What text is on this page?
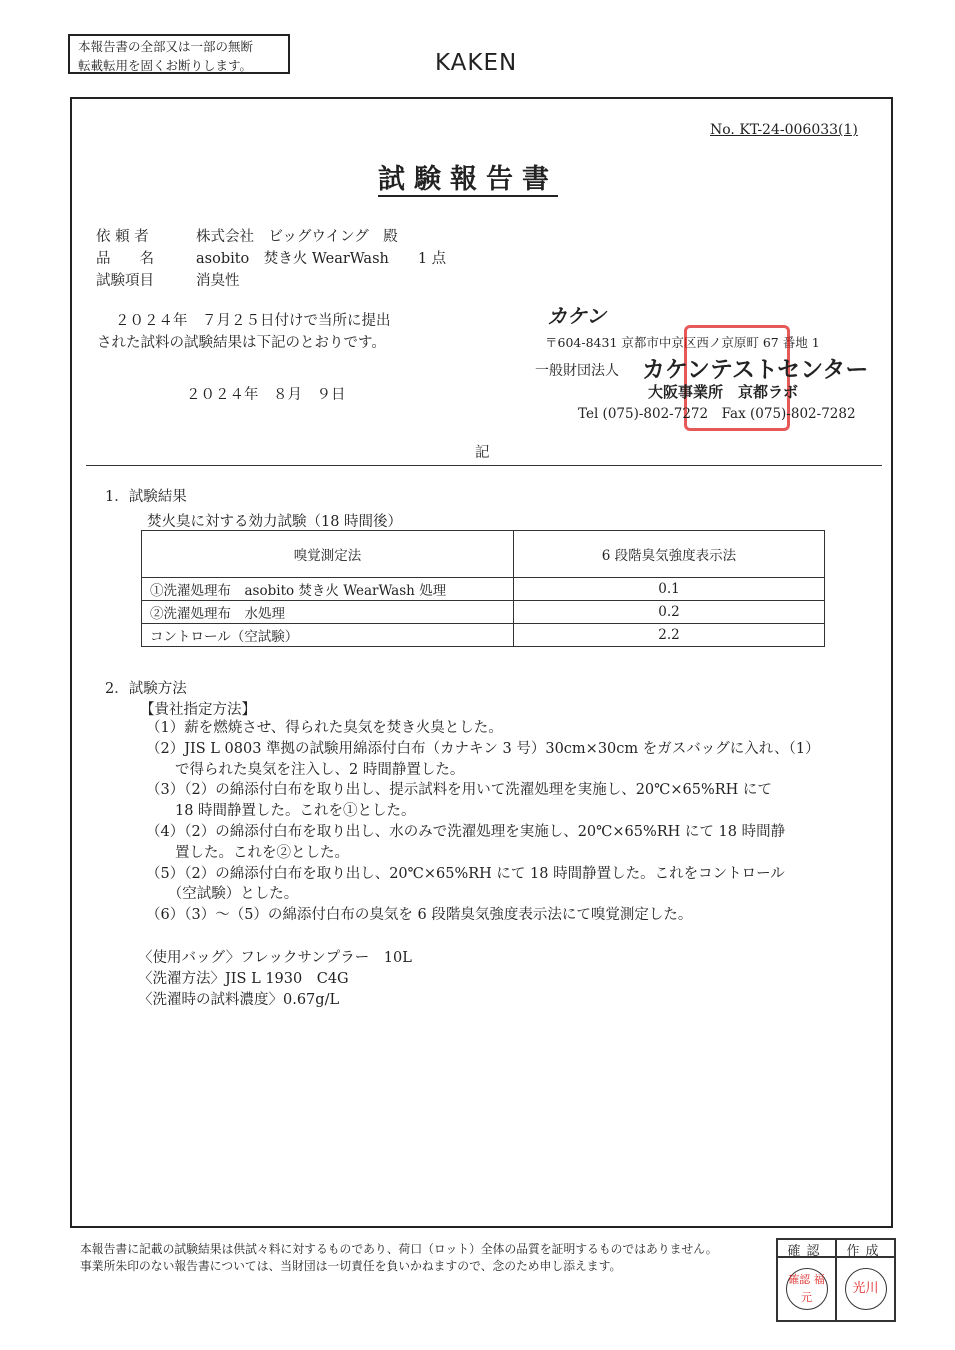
本報告書の全部又は一部の無断
転載転用を固くお断りします。	KAKEN
No. KT-24-006033(1)
試験報告書
依 頼 者	株式会社　ビッグウイング　殿
品　　名	asobito　焚き火 WearWash　　1 点
試験項目	消臭性
２０２４年　７月２５日付けで当所に提出
された試料の試験結果は下記のとおりです。
２０２４年　８月　９日
カケン
〒604-8431 京都市中京区西ノ京原町 67 番地 1
一般財団法人 カケンテストセンター
大阪事業所　京都ラボ
Tel (075)-802-7272　Fax (075)-802-7282
記
1．試験結果
焚火臭に対する効力試験（18 時間後）
嗅覚測定法	6 段階臭気強度表示法
①洗濯処理布　asobito 焚き火 WearWash 処理	0.1
②洗濯処理布　水処理	0.2
コントロール（空試験）	2.2
2．試験方法
【貴社指定方法】
（1）薪を燃焼させ、得られた臭気を焚き火臭とした。
（2）JIS L 0803 準拠の試験用綿添付白布（カナキン 3 号）30cm×30cm をガスバッグに入れ、（1）
　　で得られた臭気を注入し、2 時間静置した。
（3）（2）の綿添付白布を取り出し、提示試料を用いて洗濯処理を実施し、20℃×65%RH にて
　　18 時間静置した。これを①とした。
（4）（2）の綿添付白布を取り出し、水のみで洗濯処理を実施し、20℃×65%RH にて 18 時間静
　　置した。これを②とした。
（5）（2）の綿添付白布を取り出し、20℃×65%RH にて 18 時間静置した。これをコントロール
　　（空試験）とした。
（6）（3）～（5）の綿添付白布の臭気を 6 段階臭気強度表示法にて嗅覚測定した。
〈使用バッグ〉フレックサンプラー　10L
〈洗濯方法〉JIS L 1930　C4G
〈洗濯時の試料濃度〉0.67g/L
本報告書に記載の試験結果は供試々料に対するものであり、荷口（ロット）全体の品質を証明するものではありません。
事業所朱印のない報告書については、当財団は一切責任を負いかねますので、念のため申し添えます。
確認	作成
確認 福元
光川
